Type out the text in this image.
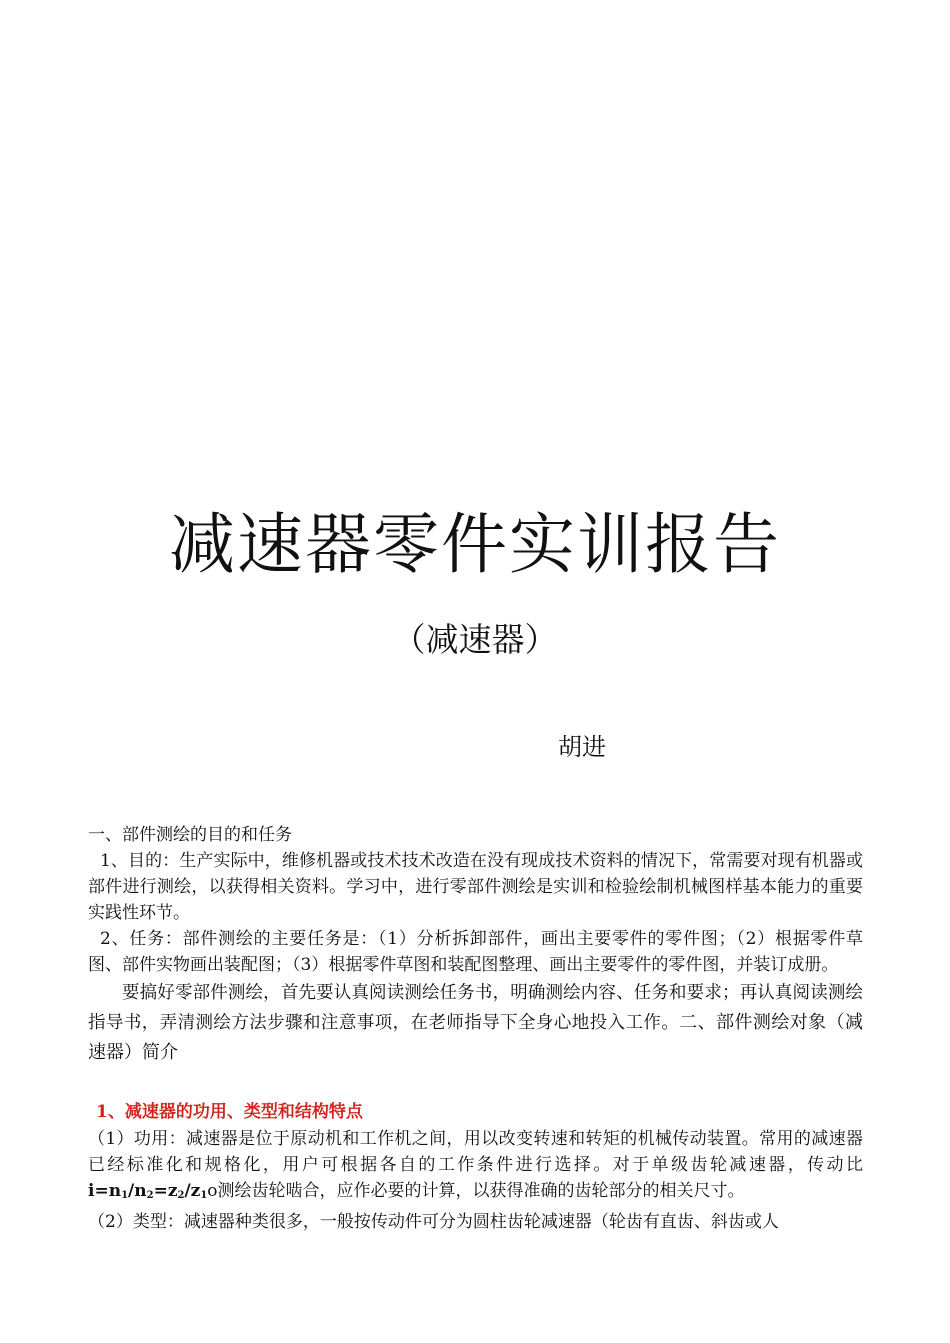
减速器零件实训报告
（减速器）
胡进

一、部件测绘的目的和任务

1、目的：生产实际中，维修机器或技术技术改造在没有现成技术资料的情况下，常需要对现有机器或部件进行测绘，以获得相关资料。学习中，进行零部件测绘是实训和检验绘制机械图样基本能力的重要实践性环节。

2、任务：部件测绘的主要任务是：（1）分析拆卸部件，画出主要零件的零件图；（2）根据零件草图、部件实物画出装配图；（3）根据零件草图和装配图整理、画出主要零件的零件图，并装订成册。

要搞好零部件测绘，首先要认真阅读测绘任务书，明确测绘内容、任务和要求；再认真阅读测绘指导书，弄清测绘方法步骤和注意事项，在老师指导下全身心地投入工作。二、部件测绘对象（减速器）简介

1、减速器的功用、类型和结构特点

（1）功用：减速器是位于原动机和工作机之间，用以改变转速和转矩的机械传动装置。常用的减速器已经标准化和规格化，用户可根据各自的工作条件进行选择。对于单级齿轮减速器，传动比$i=n_1/n_2=z_2/z_1o$测绘齿轮啮合，应作必要的计算，以获得准确的齿轮部分的相关尺寸。

（2）类型：减速器种类很多，一般按传动件可分为圆柱齿轮减速器（轮齿有直齿、斜齿或人
